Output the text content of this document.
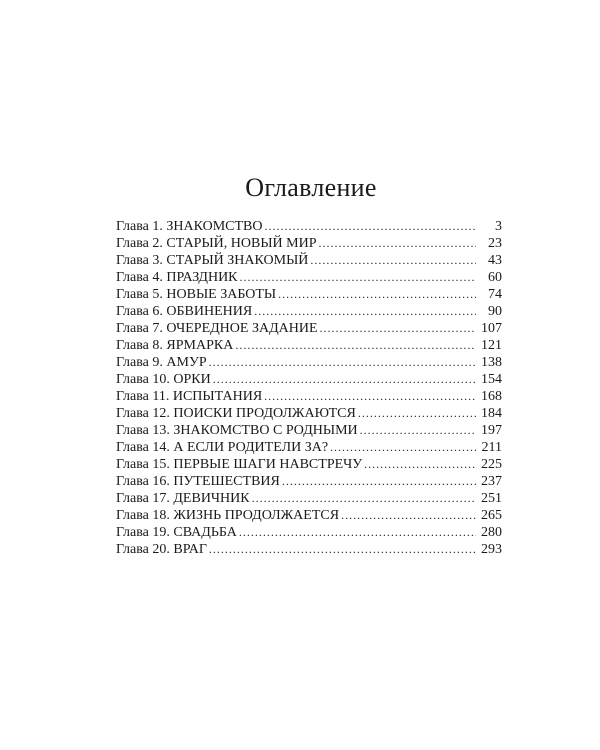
Оглавление
Глава 1. ЗНАКОМСТВО . . .	3
Глава 2. СТАРЫЙ, НОВЫЙ МИР . . .	23
Глава 3. СТАРЫЙ ЗНАКОМЫЙ . . .	43
Глава 4. ПРАЗДНИК . . .	60
Глава 5. НОВЫЕ ЗАБОТЫ . . .	74
Глава 6. ОБВИНЕНИЯ . . .	90
Глава 7. ОЧЕРЕДНОЕ ЗАДАНИЕ . . .	107
Глава 8. ЯРМАРКА . . .	121
Глава 9. АМУР . . .	138
Глава 10. ОРКИ . . .	154
Глава 11. ИСПЫТАНИЯ . . .	168
Глава 12. ПОИСКИ ПРОДОЛЖАЮТСЯ . . .	184
Глава 13. ЗНАКОМСТВО С РОДНЫМИ . . .	197
Глава 14. А ЕСЛИ РОДИТЕЛИ ЗА? . . .	211
Глава 15. ПЕРВЫЕ ШАГИ НАВСТРЕЧУ . . .	225
Глава 16. ПУТЕШЕСТВИЯ . . .	237
Глава 17. ДЕВИЧНИК . . .	251
Глава 18. ЖИЗНЬ ПРОДОЛЖАЕТСЯ . . .	265
Глава 19. СВАДЬБА . . .	280
Глава 20. ВРАГ . . .	293
